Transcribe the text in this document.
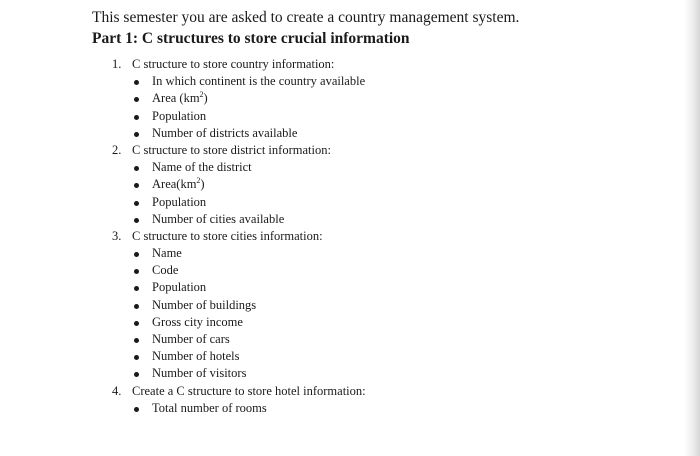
This semester you are asked to create a country management system.

Part 1: C structures to store crucial information

1. C structure to store country information:
In which continent is the country available
Area $(km^2)$
Population
Number of districts available
2. C structure to store district information:
Name of the district
$Area(km^2)$
Population
Number of cities available
3. C structure to store cities information:
Name
Code
Population
Number of buildings
Gross city income
Number of cars
Number of hotels
Number of visitors
4. Create a C structure to store hotel information:
Total number of rooms
